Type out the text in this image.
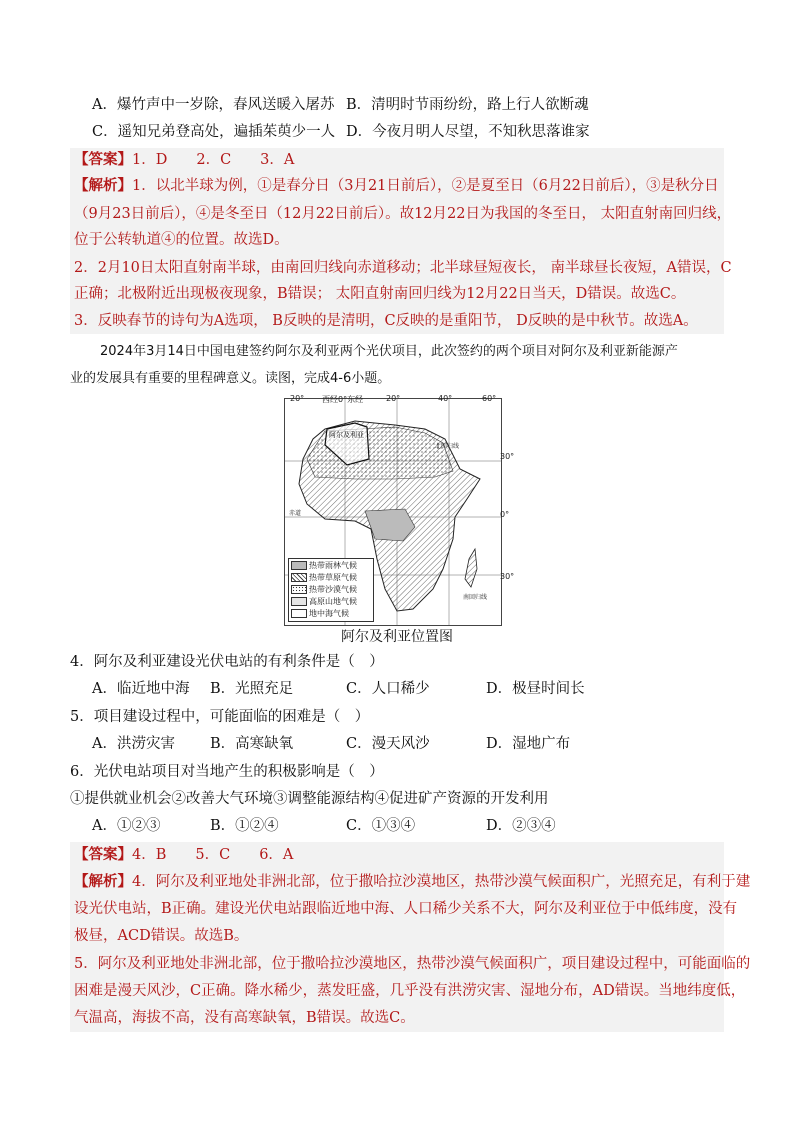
A．爆竹声中一岁除，春风送暖入屠苏 B．清明时节雨纷纷，路上行人欲断魂
C．遥知兄弟登高处，遍插茱萸少一人 D．今夜月明人尽望，不知秋思落谁家
【答案】1．D　　2．C　　3．A
【解析】1．以北半球为例，①是春分日（3月21日前后），②是夏至日（6月22日前后），③是秋分日
（9月23日前后），④是冬至日（12月22日前后）。故12月22日为我国的冬至日， 太阳直射南回归线，
位于公转轨道④的位置。故选D。
2．2月10日太阳直射南半球，由南回归线向赤道移动；北半球昼短夜长， 南半球昼长夜短，A错误，C
正确；北极附近出现极夜现象，B错误； 太阳直射南回归线为12月22日当天，D错误。故选C。
3．反映春节的诗句为A选项， B反映的是清明，C反映的是重阳节， D反映的是中秋节。故选A。
2024年3月14日中国电建签约阿尔及利亚两个光伏项目，此次签约的两个项目对阿尔及利亚新能源产
业的发展具有重要的里程碑意义。读图，完成4-6小题。
北回归线
赤道
南回归线
阿尔及利亚
20° 西经0°东经	20°	40°	60°
30°
0°
30°
热带雨林气候
热带草原气候
热带沙漠气候
高原山地气候
地中海气候
阿尔及利亚位置图
4．阿尔及利亚建设光伏电站的有利条件是（　）
A．临近地中海 B．光照充足	C．人口稀少	D．极昼时间长
5．项目建设过程中，可能面临的困难是（　）
A．洪涝灾害 B．高寒缺氧	C．漫天风沙	D．湿地广布
6．光伏电站项目对当地产生的积极影响是（　）
①提供就业机会②改善大气环境③调整能源结构④促进矿产资源的开发利用
A．①②③	B．①②④	C．①③④	D．②③④
【答案】4．B　　5．C　　6．A
【解析】4．阿尔及利亚地处非洲北部，位于撒哈拉沙漠地区，热带沙漠气候面积广，光照充足，有利于建
设光伏电站，B正确。建设光伏电站跟临近地中海、人口稀少关系不大，阿尔及利亚位于中低纬度，没有
极昼，ACD错误。故选B。
5．阿尔及利亚地处非洲北部，位于撒哈拉沙漠地区，热带沙漠气候面积广，项目建设过程中，可能面临的
困难是漫天风沙，C正确。降水稀少，蒸发旺盛，几乎没有洪涝灾害、湿地分布，AD错误。当地纬度低，
气温高，海拔不高，没有高寒缺氧，B错误。故选C。
